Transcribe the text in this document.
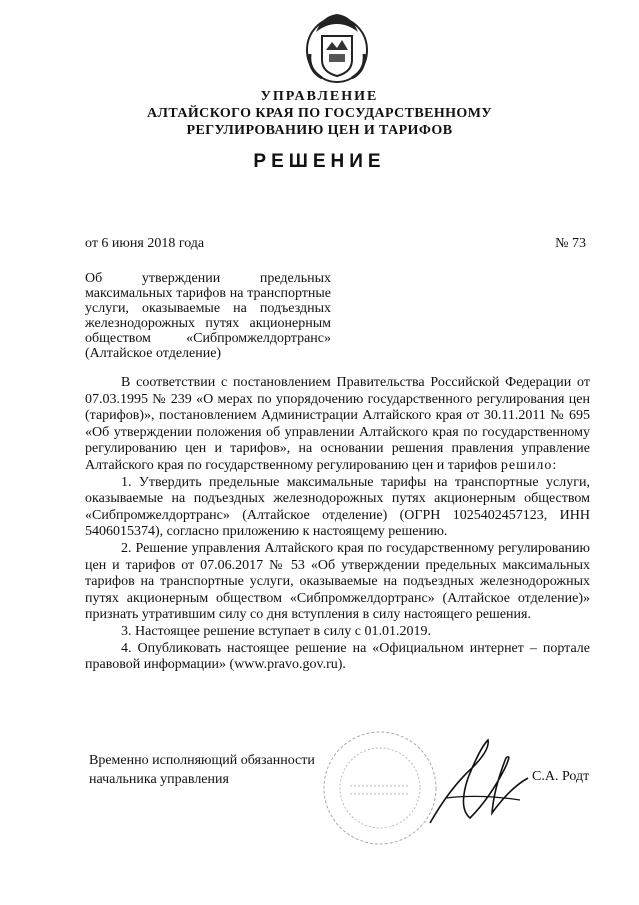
УПРАВЛЕНИЕ
АЛТАЙСКОГО КРАЯ ПО ГОСУДАРСТВЕННОМУ
РЕГУЛИРОВАНИЮ ЦЕН И ТАРИФОВ
РЕШЕНИЕ
от 6 июня 2018 года	№ 73
Об утверждении предельных максимальных тарифов на транспортные услуги, оказываемые на подъездных железнодорожных путях акционерным обществом «Сибпромжелдортранс» (Алтайское отделение)

В соответствии с постановлением Правительства Российской Федерации от 07.03.1995 № 239 «О мерах по упорядочению государственного регулирования цен (тарифов)», постановлением Администрации Алтайского края от 30.11.2011 № 695 «Об утверждении положения об управлении Алтайского края по государственному регулированию цен и тарифов», на основании решения правления управление Алтайского края по государственному регулированию цен и тарифов решило:

1. Утвердить предельные максимальные тарифы на транспортные услуги, оказываемые на подъездных железнодорожных путях акционерным обществом «Сибпромжелдортранс» (Алтайское отделение) (ОГРН 1025402457123, ИНН 5406015374), согласно приложению к настоящему решению.

2. Решение управления Алтайского края по государственному регулированию цен и тарифов от 07.06.2017 № 53 «Об утверждении предельных максимальных тарифов на транспортные услуги, оказываемые на подъездных железнодорожных путях акционерным обществом «Сибпромжелдортранс» (Алтайское отделение)» признать утратившим силу со дня вступления в силу настоящего решения.

3. Настоящее решение вступает в силу с 01.01.2019.

4. Опубликовать настоящее решение на «Официальном интернет – портале правовой информации» (www.pravo.gov.ru).

Временно исполняющий обязанности
начальника управления	С.А. Родт
